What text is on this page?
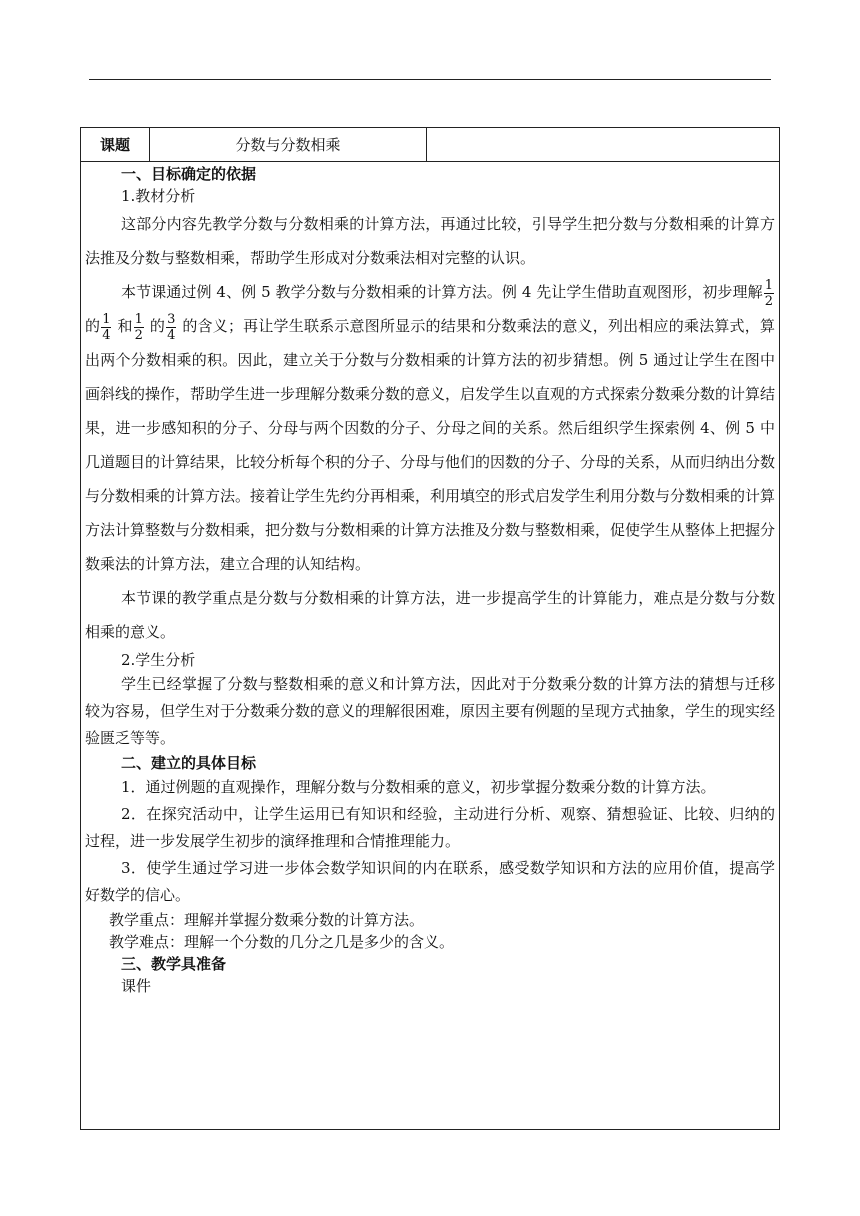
课题	分数与分数相乘

一、目标确定的依据

1.教材分析

这部分内容先教学分数与分数相乘的计算方法，再通过比较，引导学生把分数与分数相乘的计算方法推及分数与整数相乘，帮助学生形成对分数乘法相对完整的认识。

本节课通过例 4、例 5 教学分数与分数相乘的计算方法。例 4 先让学生借助直观图形，初步理解 $\frac{1}{2}$
的 $\frac{1}{4}$ 和 $\frac{1}{2}$ 的 $\frac{3}{4}$ 的含义；再让学生联系示意图所显示的结果和分数乘法的意义，列出相应的乘法算式，算出两个分数相乘的积。因此，建立关于分数与分数相乘的计算方法的初步猜想。例 5 通过让学生在图中画斜线的操作，帮助学生进一步理解分数乘分数的意义，启发学生以直观的方式探索分数乘分数的计算结果，进一步感知积的分子、分母与两个因数的分子、分母之间的关系。然后组织学生探索例 4、例 5 中几道题目的计算结果，比较分析每个积的分子、分母与他们的因数的分子、分母的关系，从而归纳出分数与分数相乘的计算方法。接着让学生先约分再相乘，利用填空的形式启发学生利用分数与分数相乘的计算方法计算整数与分数相乘，把分数与分数相乘的计算方法推及分数与整数相乘，促使学生从整体上把握分数乘法的计算方法，建立合理的认知结构。

本节课的教学重点是分数与分数相乘的计算方法，进一步提高学生的计算能力，难点是分数与分数相乘的意义。

2.学生分析

学生已经掌握了分数与整数相乘的意义和计算方法，因此对于分数乘分数的计算方法的猜想与迁移较为容易，但学生对于分数乘分数的意义的理解很困难，原因主要有例题的呈现方式抽象，学生的现实经验匮乏等等。

二、建立的具体目标

1．通过例题的直观操作，理解分数与分数相乘的意义，初步掌握分数乘分数的计算方法。

2．在探究活动中，让学生运用已有知识和经验，主动进行分析、观察、猜想验证、比较、归纳的过程，进一步发展学生初步的演绎推理和合情推理能力。

3．使学生通过学习进一步体会数学知识间的内在联系，感受数学知识和方法的应用价值，提高学好数学的信心。

教学重点：理解并掌握分数乘分数的计算方法。

教学难点：理解一个分数的几分之几是多少的含义。

三、教学具准备

课件
